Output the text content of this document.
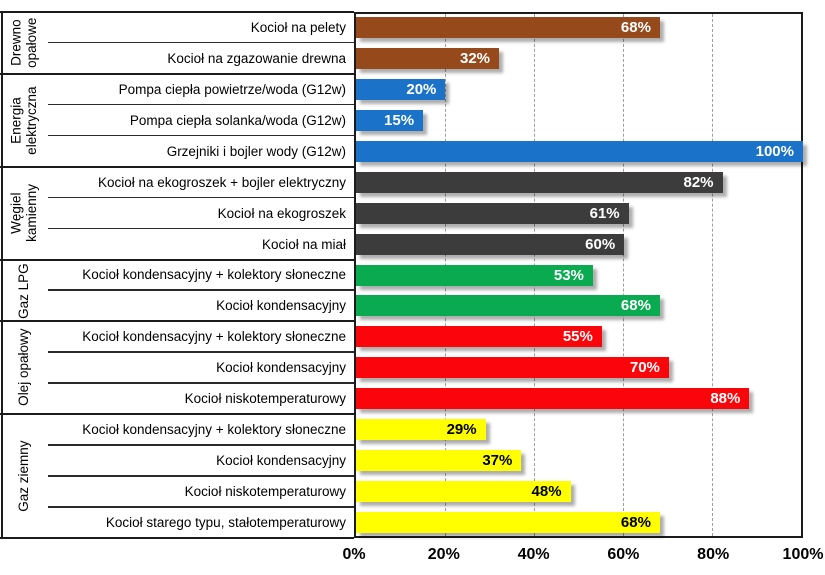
68%
32%
20%
15%
100%
82%
61%
60%
53%
68%
55%
70%
88%
29%
37%
48%
68%
Kocioł na pelety
Kocioł na zgazowanie drewna
Pompa ciepła powietrze/woda (G12w)
Pompa ciepła solanka/woda (G12w)
Grzejniki i bojler wody (G12w)
Kocioł na ekogroszek + bojler elektryczny
Kocioł na ekogroszek
Kocioł na miał
Kocioł kondensacyjny + kolektory słoneczne
Kocioł kondensacyjny
Kocioł kondensacyjny + kolektory słoneczne
Kocioł kondensacyjny
Kocioł niskotemperaturowy
Kocioł kondensacyjny + kolektory słoneczne
Kocioł kondensacyjny
Kocioł niskotemperaturowy
Kocioł starego typu, stałotemperaturowy
Drewno opałowe
Energia elektryczna
Węgiel kamienny
Gaz LPG
Olej opałowy
Gaz ziemny
0%	20%	40%	60%	80%	100%
